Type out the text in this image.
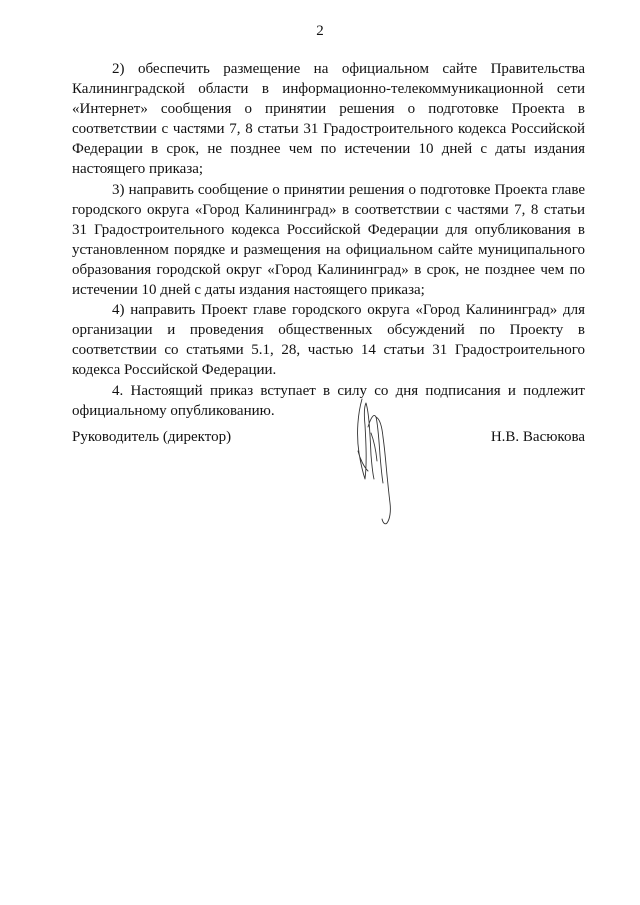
2

2) обеспечить размещение на официальном сайте Правительства Калининградской области в информационно-телекоммуникационной сети «Интернет» сообщения о принятии решения о подготовке Проекта в соответствии с частями 7, 8 статьи 31 Градостроительного кодекса Российской Федерации в срок, не позднее чем по истечении 10 дней с даты издания настоящего приказа;

3) направить сообщение о принятии решения о подготовке Проекта главе городского округа «Город Калининград» в соответствии с частями 7, 8 статьи 31 Градостроительного кодекса Российской Федерации для опубликования в установленном порядке и размещения на официальном сайте муниципального образования городской округ «Город Калининград» в срок, не позднее чем по истечении 10 дней с даты издания настоящего приказа;

4) направить Проект главе городского округа «Город Калининград» для организации и проведения общественных обсуждений по Проекту в соответствии со статьями 5.1, 28, частью 14 статьи 31 Градостроительного кодекса Российской Федерации.

4. Настоящий приказ вступает в силу со дня подписания и подлежит официальному опубликованию.

Руководитель (директор)	Н.В. Васюкова
